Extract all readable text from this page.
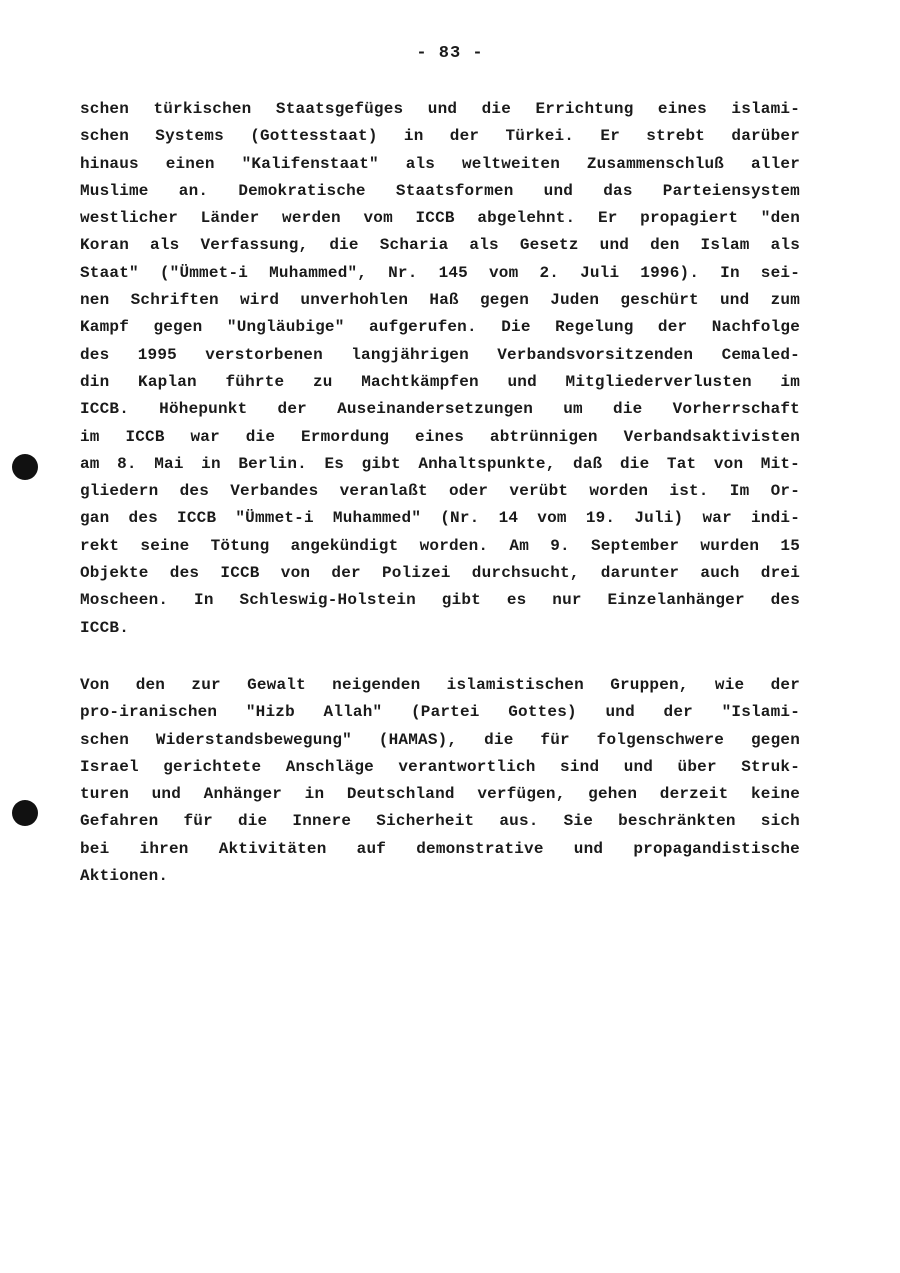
- 83 -
schen türkischen Staatsgefüges und die Errichtung eines islami-
schen Systems (Gottesstaat) in der Türkei. Er strebt darüber
hinaus einen "Kalifenstaat" als weltweiten Zusammenschluß aller
Muslime an. Demokratische Staatsformen und das Parteiensystem
westlicher Länder werden vom ICCB abgelehnt. Er propagiert "den
Koran als Verfassung, die Scharia als Gesetz und den Islam als
Staat" ("Ümmet-i Muhammed", Nr. 145 vom 2. Juli 1996). In sei-
nen Schriften wird unverhohlen Haß gegen Juden geschürt und zum
Kampf gegen "Ungläubige" aufgerufen. Die Regelung der Nachfolge
des 1995 verstorbenen langjährigen Verbandsvorsitzenden Cemaled-
din Kaplan führte zu Machtkämpfen und Mitgliederverlusten im
ICCB. Höhepunkt der Auseinandersetzungen um die Vorherrschaft
im ICCB war die Ermordung eines abtrünnigen Verbandsaktivisten
am 8. Mai in Berlin. Es gibt Anhaltspunkte, daß die Tat von Mit-
gliedern des Verbandes veranlaßt oder verübt worden ist. Im Or-
gan des ICCB "Ümmet-i Muhammed" (Nr. 14 vom 19. Juli) war indi-
rekt seine Tötung angekündigt worden. Am 9. September wurden 15
Objekte des ICCB von der Polizei durchsucht, darunter auch drei
Moscheen. In Schleswig-Holstein gibt es nur Einzelanhänger des
ICCB.
Von den zur Gewalt neigenden islamistischen Gruppen, wie der
pro-iranischen "Hizb Allah" (Partei Gottes) und der "Islami-
schen Widerstandsbewegung" (HAMAS), die für folgenschwere gegen
Israel gerichtete Anschläge verantwortlich sind und über Struk-
turen und Anhänger in Deutschland verfügen, gehen derzeit keine
Gefahren für die Innere Sicherheit aus. Sie beschränkten sich
bei ihren Aktivitäten auf demonstrative und propagandistische
Aktionen.
